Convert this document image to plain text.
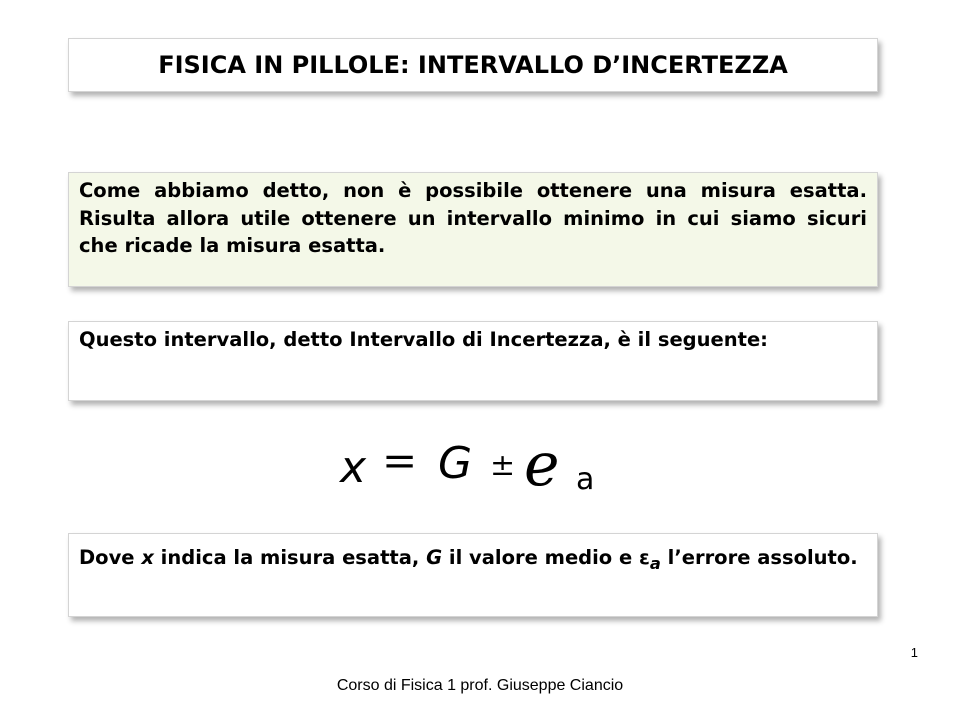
FISICA IN PILLOLE: INTERVALLO D’INCERTEZZA

Come abbiamo detto, non è possibile ottenere una misura esatta. Risulta allora utile ottenere un intervallo minimo in cui siamo sicuri che ricade la misura esatta.

Questo intervallo, detto Intervallo di Incertezza, è il seguente:

x = G ± e a

Dove x indica la misura esatta, G il valore medio e $\varepsilon_a$ l’errore assoluto.

1
Corso di Fisica 1 prof. Giuseppe Ciancio
